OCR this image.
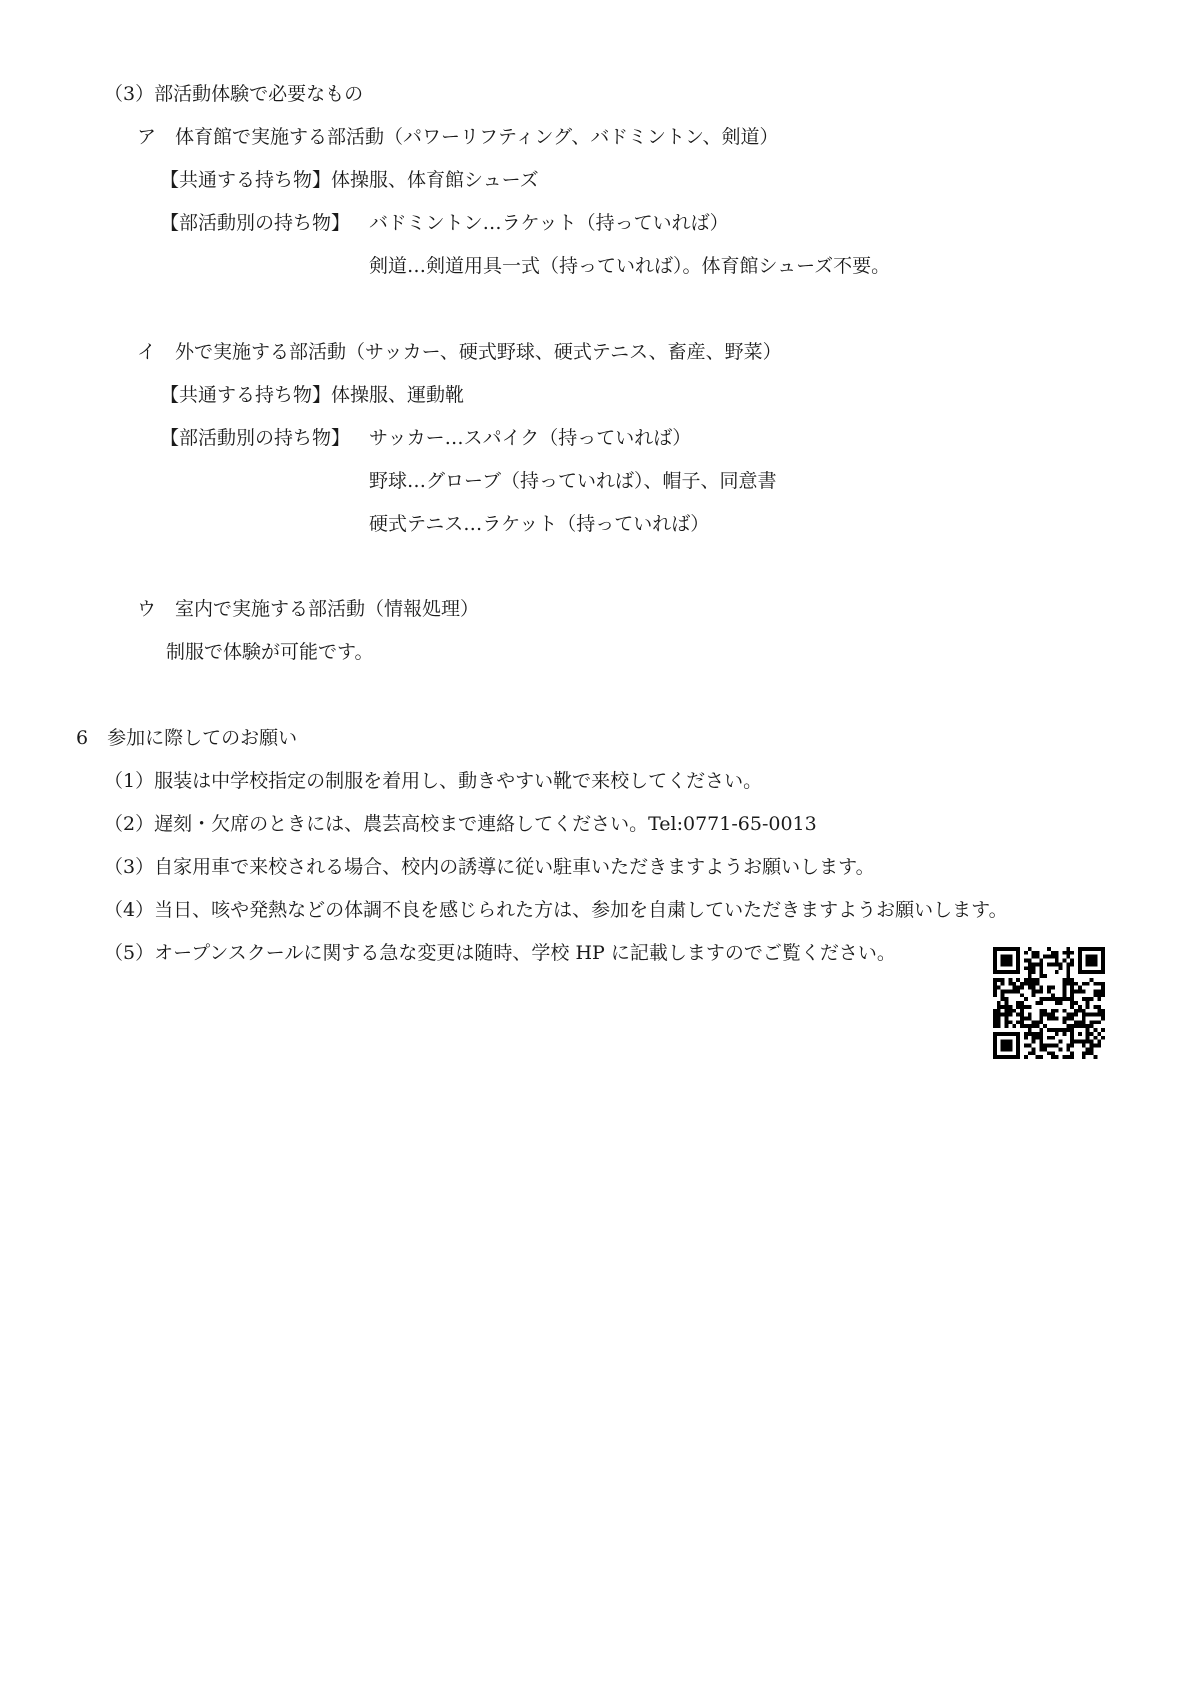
（3）部活動体験で必要なもの
ア　体育館で実施する部活動（パワーリフティング、バドミントン、剣道）
【共通する持ち物】体操服、体育館シューズ
【部活動別の持ち物】 バドミントン…ラケット（持っていれば）
剣道…剣道用具一式（持っていれば）。体育館シューズ不要。
イ　外で実施する部活動（サッカー、硬式野球、硬式テニス、畜産、野菜）
【共通する持ち物】体操服、運動靴
【部活動別の持ち物】 サッカー…スパイク（持っていれば）
野球…グローブ（持っていれば）、帽子、同意書
硬式テニス…ラケット（持っていれば）
ウ　室内で実施する部活動（情報処理）
制服で体験が可能です。
6　参加に際してのお願い
（1）服装は中学校指定の制服を着用し、動きやすい靴で来校してください。
（2）遅刻・欠席のときには、農芸高校まで連絡してください。Tel:0771-65-0013
（3）自家用車で来校される場合、校内の誘導に従い駐車いただきますようお願いします。
（4）当日、咳や発熱などの体調不良を感じられた方は、参加を自粛していただきますようお願いします。
（5）オープンスクールに関する急な変更は随時、学校 HP に記載しますのでご覧ください。
